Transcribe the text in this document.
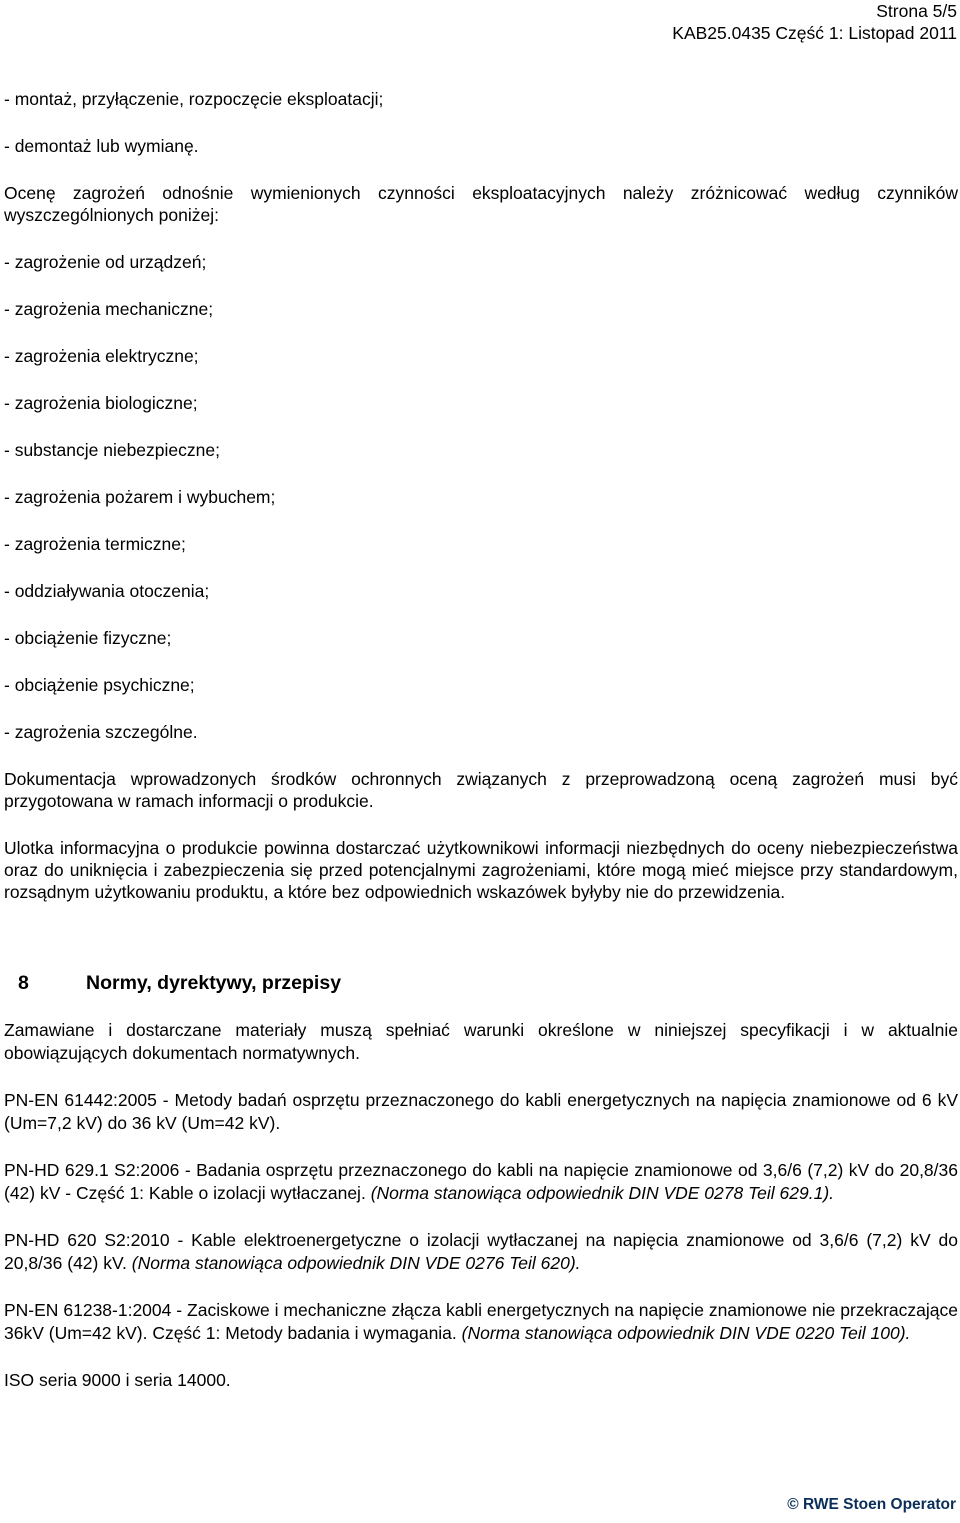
Strona 5/5
KAB25.0435 Część 1: Listopad 2011
- montaż, przyłączenie, rozpoczęcie eksploatacji;
- demontaż lub wymianę.
Ocenę zagrożeń odnośnie wymienionych czynności eksploatacyjnych należy zróżnicować według czynników wyszczególnionych poniżej:
- zagrożenie od urządzeń;
- zagrożenia mechaniczne;
- zagrożenia elektryczne;
- zagrożenia biologiczne;
- substancje niebezpieczne;
- zagrożenia pożarem i wybuchem;
- zagrożenia termiczne;
- oddziaływania otoczenia;
- obciążenie fizyczne;
- obciążenie psychiczne;
- zagrożenia szczególne.
Dokumentacja wprowadzonych środków ochronnych związanych z przeprowadzoną oceną zagrożeń musi być przygotowana w ramach informacji o produkcie.
Ulotka informacyjna o produkcie powinna dostarczać użytkownikowi informacji niezbędnych do oceny niebezpieczeństwa oraz do uniknięcia i zabezpieczenia się przed potencjalnymi zagrożeniami, które mogą mieć miejsce przy standardowym, rozsądnym użytkowaniu produktu, a które bez odpowiednich wskazówek byłyby nie do przewidzenia.
8	Normy, dyrektywy, przepisy
Zamawiane i dostarczane materiały muszą spełniać warunki określone w niniejszej specyfikacji i w aktualnie obowiązujących dokumentach normatywnych.
PN-EN 61442:2005 - Metody badań osprzętu przeznaczonego do kabli energetycznych na napięcia znamionowe od 6 kV (Um=7,2 kV) do 36 kV (Um=42 kV).
PN-HD 629.1 S2:2006 - Badania osprzętu przeznaczonego do kabli na napięcie znamionowe od 3,6/6 (7,2) kV do 20,8/36 (42) kV - Część 1: Kable o izolacji wytłaczanej. (Norma stanowiąca odpowiednik DIN VDE 0278 Teil 629.1).
PN-HD 620 S2:2010 - Kable elektroenergetyczne o izolacji wytłaczanej na napięcia znamionowe od 3,6/6 (7,2) kV do 20,8/36 (42) kV. (Norma stanowiąca odpowiednik DIN VDE 0276 Teil 620).
PN-EN 61238-1:2004 - Zaciskowe i mechaniczne złącza kabli energetycznych na napięcie znamionowe nie przekraczające 36kV (Um=42 kV). Część 1: Metody badania i wymagania. (Norma stanowiąca odpowiednik DIN VDE 0220 Teil 100).
ISO seria 9000 i seria 14000.
© RWE Stoen Operator
